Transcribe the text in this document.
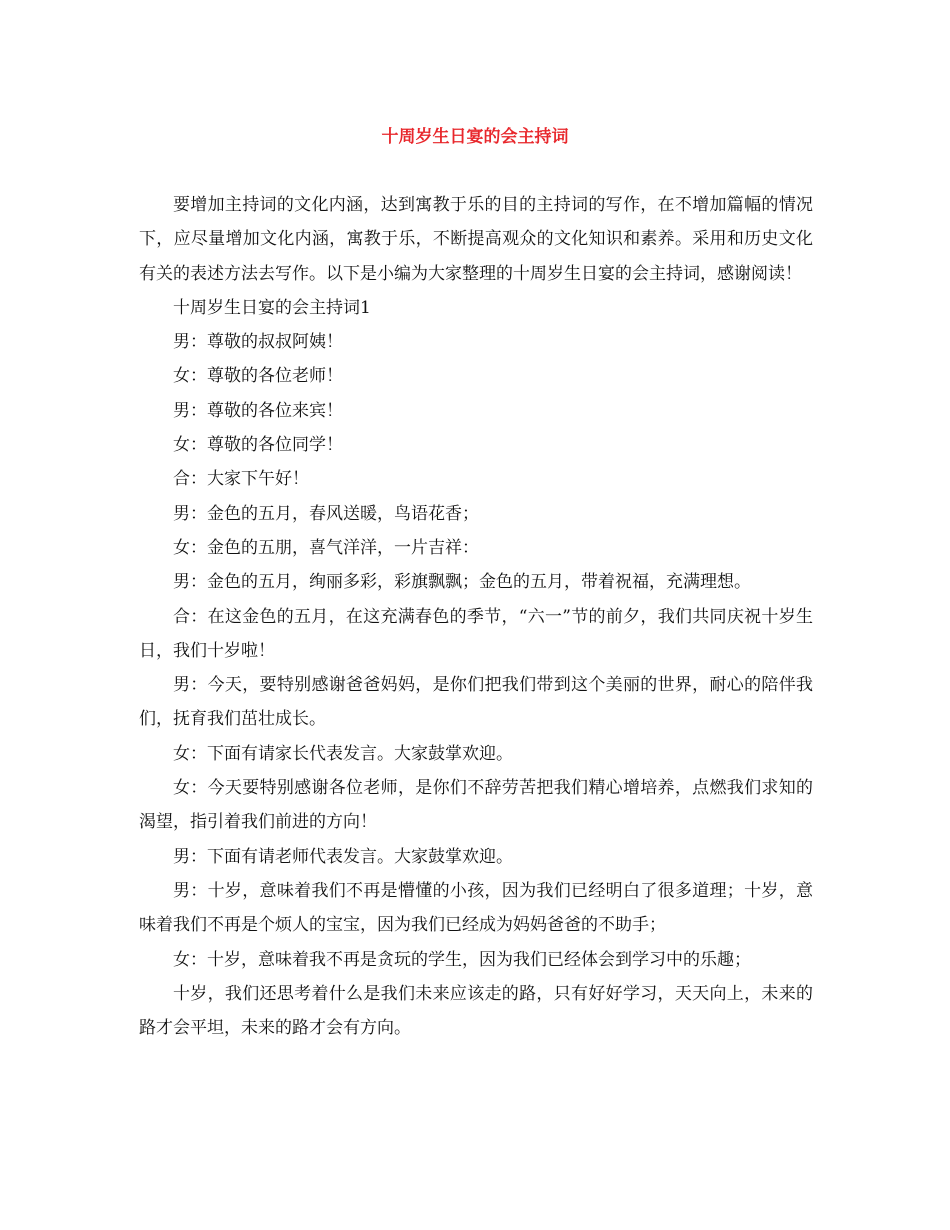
十周岁生日宴的会主持词

要增加主持词的文化内涵，达到寓教于乐的目的主持词的写作，在不增加篇幅的情况下，应尽量增加文化内涵，寓教于乐，不断提高观众的文化知识和素养。采用和历史文化有关的表述方法去写作。以下是小编为大家整理的十周岁生日宴的会主持词，感谢阅读！

十周岁生日宴的会主持词1

男：尊敬的叔叔阿姨！

女：尊敬的各位老师！

男：尊敬的各位来宾！

女：尊敬的各位同学！

合：大家下午好！

男：金色的五月，春风送暖，鸟语花香；

女：金色的五朋，喜气洋洋，一片吉祥：

男：金色的五月，绚丽多彩，彩旗飘飘；金色的五月，带着祝福，充满理想。

合：在这金色的五月，在这充满春色的季节，“六一”节的前夕，我们共同庆祝十岁生日，我们十岁啦！

男：今天，要特别感谢爸爸妈妈，是你们把我们带到这个美丽的世界，耐心的陪伴我们，抚育我们茁壮成长。

女：下面有请家长代表发言。大家鼓掌欢迎。

女：今天要特别感谢各位老师，是你们不辞劳苦把我们精心增培养，点燃我们求知的渴望，指引着我们前进的方向！

男：下面有请老师代表发言。大家鼓掌欢迎。

男：十岁，意味着我们不再是懵懂的小孩，因为我们已经明白了很多道理；十岁，意味着我们不再是个烦人的宝宝，因为我们已经成为妈妈爸爸的不助手；

女：十岁，意味着我不再是贪玩的学生，因为我们已经体会到学习中的乐趣；

十岁，我们还思考着什么是我们未来应该走的路，只有好好学习，天天向上，未来的路才会平坦，未来的路才会有方向。
